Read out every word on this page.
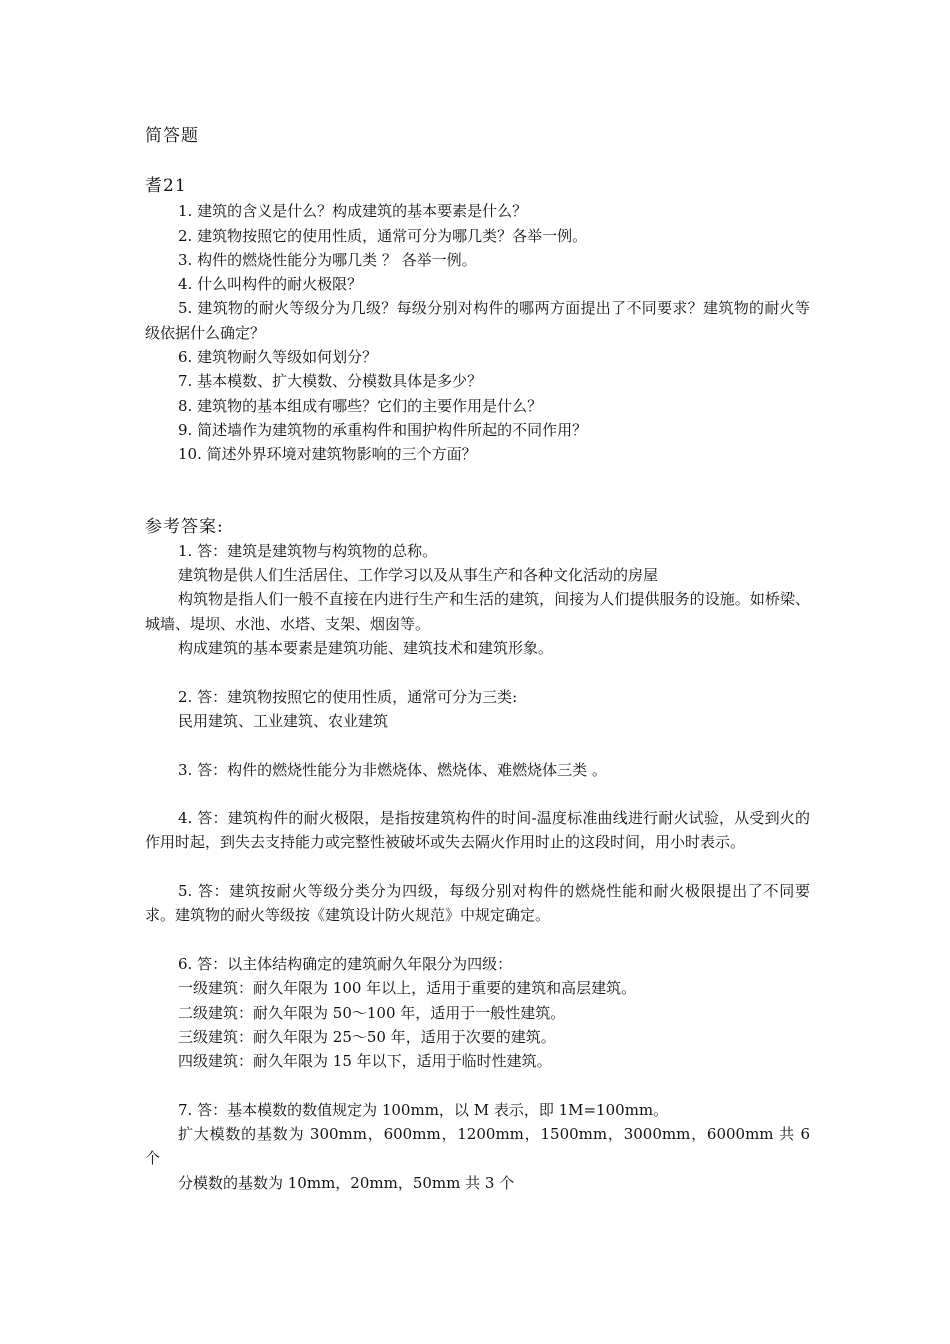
简答题

耆21

1. 建筑的含义是什么？构成建筑的基本要素是什么？

2. 建筑物按照它的使用性质，通常可分为哪几类？各举一例。

3. 构件的燃烧性能分为哪几类 ？ 各举一例。

4. 什么叫构件的耐火极限？

5. 建筑物的耐火等级分为几级？每级分别对构件的哪两方面提出了不同要求？建筑物的耐火等级依据什么确定？

6. 建筑物耐久等级如何划分？

7. 基本模数、扩大模数、分模数具体是多少？

8. 建筑物的基本组成有哪些？它们的主要作用是什么？

9. 简述墙作为建筑物的承重构件和围护构件所起的不同作用？

10. 简述外界环境对建筑物影响的三个方面？

参考答案:

1. 答：建筑是建筑物与构筑物的总称。

建筑物是供人们生活居住、工作学习以及从事生产和各种文化活动的房屋

构筑物是指人们一般不直接在内进行生产和生活的建筑，间接为人们提供服务的设施。如桥梁、城墙、堤坝、水池、水塔、支架、烟囱等。

构成建筑的基本要素是建筑功能、建筑技术和建筑形象。

2. 答：建筑物按照它的使用性质，通常可分为三类:

民用建筑、工业建筑、农业建筑

3. 答：构件的燃烧性能分为非燃烧体、燃烧体、难燃烧体三类 。

4. 答：建筑构件的耐火极限，是指按建筑构件的时间-温度标准曲线进行耐火试验，从受到火的作用时起，到失去支持能力或完整性被破坏或失去隔火作用时止的这段时间，用小时表示。

5. 答：建筑按耐火等级分类分为四级，每级分别对构件的燃烧性能和耐火极限提出了不同要求。建筑物的耐火等级按《建筑设计防火规范》中规定确定。

6. 答：以主体结构确定的建筑耐久年限分为四级：

一级建筑：耐久年限为 100 年以上，适用于重要的建筑和高层建筑。

二级建筑：耐久年限为 50～100 年，适用于一般性建筑。

三级建筑：耐久年限为 25～50 年，适用于次要的建筑。

四级建筑：耐久年限为 15 年以下，适用于临时性建筑。

7. 答：基本模数的数值规定为 100mm，以 M 表示，即 1M=100mm。

扩大模数的基数为 300mm，600mm，1200mm，1500mm，3000mm，6000mm 共 6 个

分模数的基数为 10mm，20mm，50mm 共 3 个
